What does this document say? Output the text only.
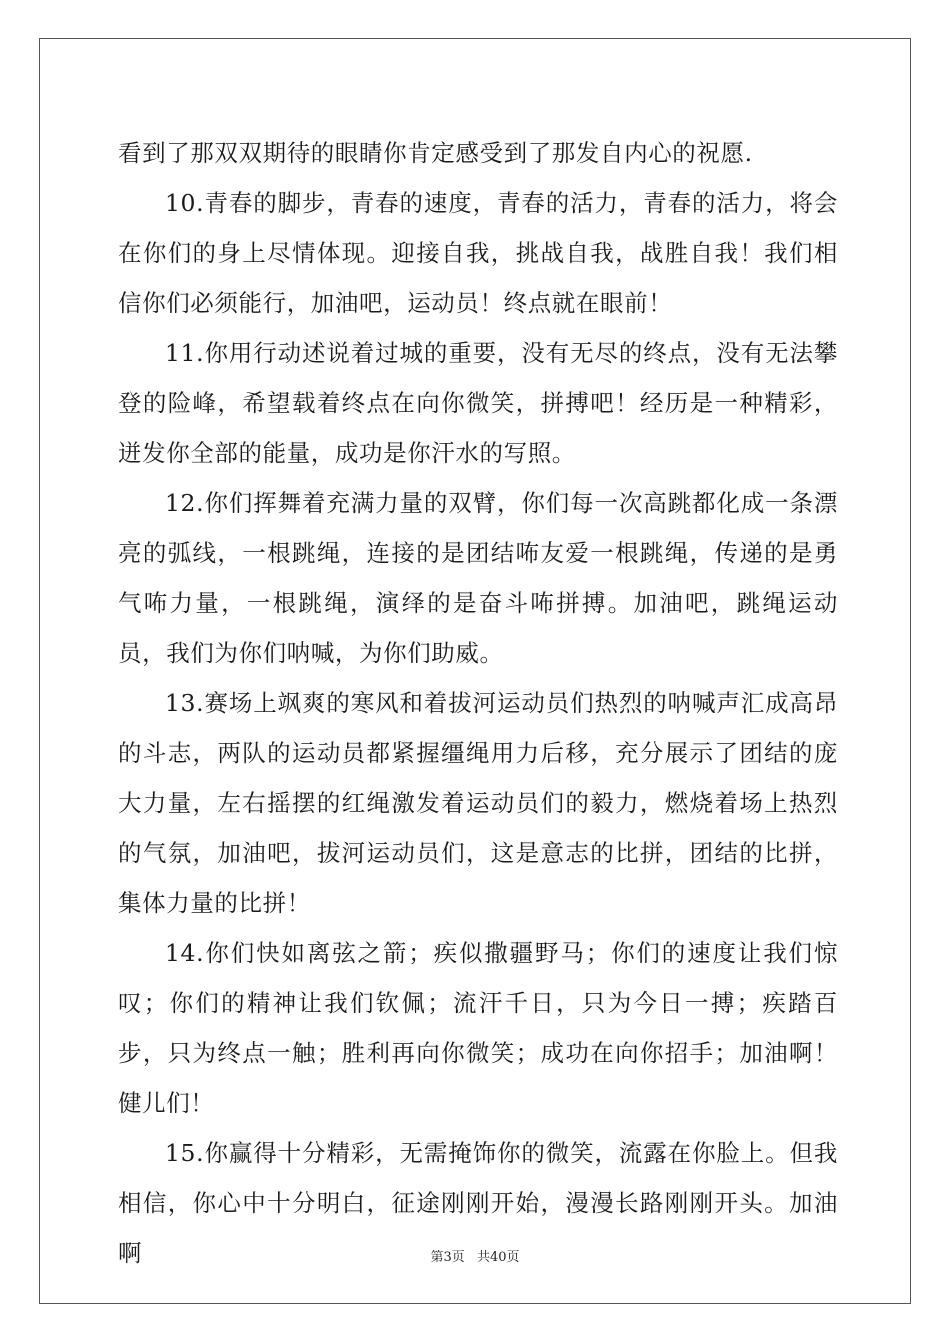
看到了那双双期待的眼睛你肯定感受到了那发自内心的祝愿.

10.青春的脚步，青春的速度，青春的活力，青春的活力，将会在你们的身上尽情体现。迎接自我，挑战自我，战胜自我！我们相信你们必须能行，加油吧，运动员！终点就在眼前！

11.你用行动述说着过城的重要，没有无尽的终点，没有无法攀登的险峰，希望载着终点在向你微笑，拼搏吧！经历是一种精彩，迸发你全部的能量，成功是你汗水的写照。

12.你们挥舞着充满力量的双臂，你们每一次高跳都化成一条漂亮的弧线，一根跳绳，连接的是团结咘友爱一根跳绳，传递的是勇气咘力量，一根跳绳，演绎的是奋斗咘拼搏。加油吧，跳绳运动员，我们为你们呐喊，为你们助威。

13.赛场上飒爽的寒风和着拔河运动员们热烈的呐喊声汇成高昂的斗志，两队的运动员都紧握缰绳用力后移，充分展示了团结的庞大力量，左右摇摆的红绳激发着运动员们的毅力，燃烧着场上热烈的气氛，加油吧，拔河运动员们，这是意志的比拼，团结的比拼，集体力量的比拼！

14.你们快如离弦之箭；疾似撒疆野马；你们的速度让我们惊叹；你们的精神让我们钦佩；流汗千日，只为今日一搏；疾踏百步，只为终点一触；胜利再向你微笑；成功在向你招手；加油啊！健儿们！

15.你赢得十分精彩，无需掩饰你的微笑，流露在你脸上。但我相信，你心中十分明白，征途刚刚开始，漫漫长路刚刚开头。加油啊	第3页 共40页
